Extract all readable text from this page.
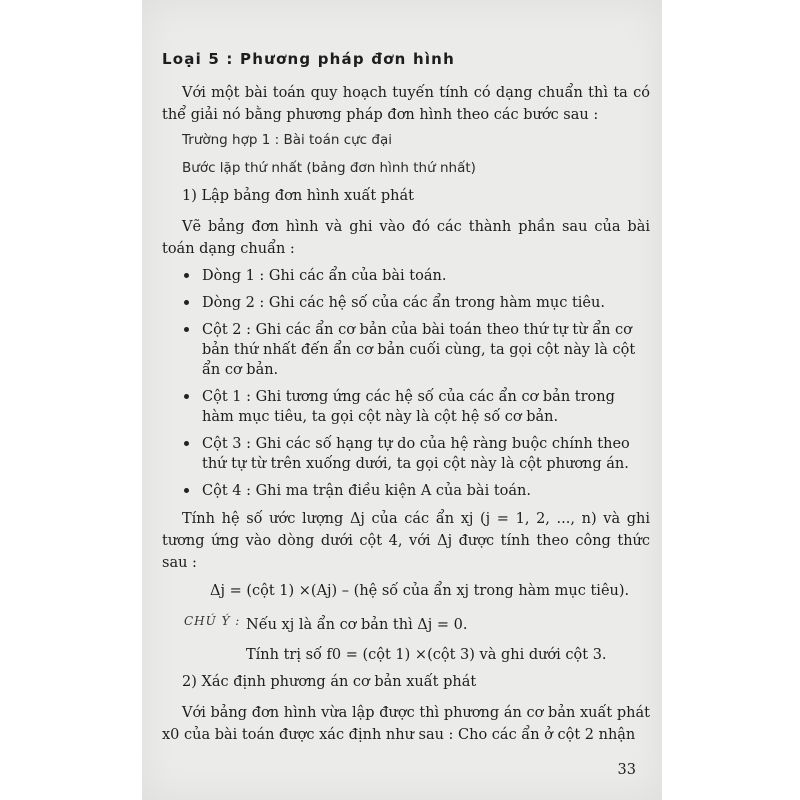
Loại 5 : Phương pháp đơn hình

Với một bài toán quy hoạch tuyến tính có dạng chuẩn thì ta có thể giải nó bằng phương pháp đơn hình theo các bước sau :

Trường hợp 1 : Bài toán cực đại
Bước lặp thứ nhất (bảng đơn hình thứ nhất)
1) Lập bảng đơn hình xuất phát

Vẽ bảng đơn hình và ghi vào đó các thành phần sau của bài toán dạng chuẩn :

Dòng 1 : Ghi các ẩn của bài toán.
Dòng 2 : Ghi các hệ số của các ẩn trong hàm mục tiêu.
Cột 2 : Ghi các ẩn cơ bản của bài toán theo thứ tự từ ẩn cơ bản thứ nhất đến ẩn cơ bản cuối cùng, ta gọi cột này là cột ẩn cơ bản.
Cột 1 : Ghi tương ứng các hệ số của các ẩn cơ bản trong hàm mục tiêu, ta gọi cột này là cột hệ số cơ bản.
Cột 3 : Ghi các số hạng tự do của hệ ràng buộc chính theo thứ tự từ trên xuống dưới, ta gọi cột này là cột phương án.
Cột 4 : Ghi ma trận điều kiện A của bài toán.

Tính hệ số ước lượng Δj của các ẩn xj (j = 1, 2, ..., n) và ghi tương ứng vào dòng dưới cột 4, với Δj được tính theo công thức sau :

Δj = (cột 1) ×(Aj) – (hệ số của ẩn xj trong hàm mục tiêu).
CHÚ Ý : Nếu xj là ẩn cơ bản thì Δj = 0.
Tính trị số f0 = (cột 1) ×(cột 3) và ghi dưới cột 3.
2) Xác định phương án cơ bản xuất phát

Với bảng đơn hình vừa lập được thì phương án cơ bản xuất phát x0 của bài toán được xác định như sau : Cho các ẩn ở cột 2 nhận

33
